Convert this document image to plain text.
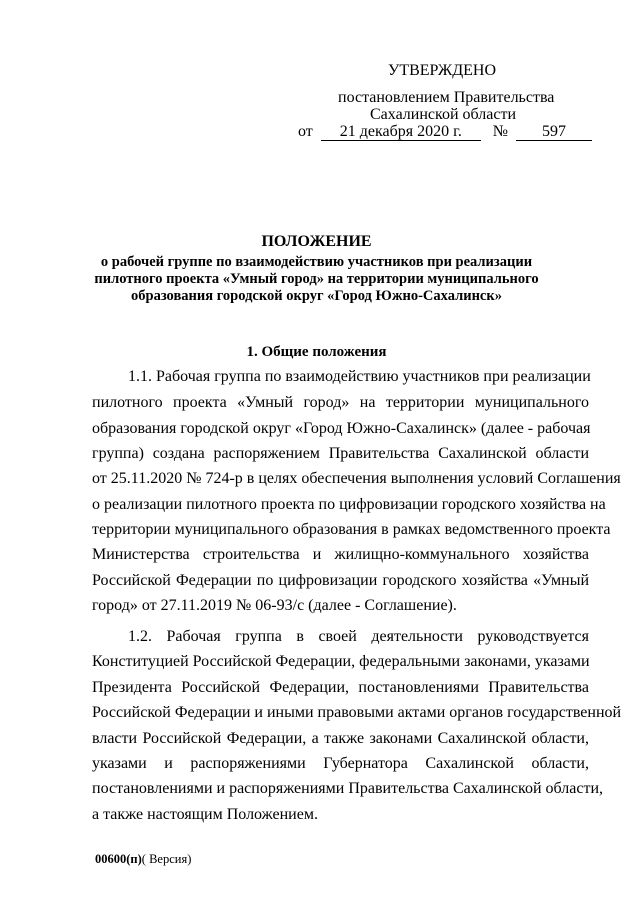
УТВЕРЖДЕНО
постановлением Правительства
Сахалинской области
от 21 декабря 2020 г. № 597
ПОЛОЖЕНИЕ
о рабочей группе по взаимодействию участников при реализации
пилотного проекта «Умный город» на территории муниципального
образования городской округ «Город Южно-Сахалинск»
1. Общие положения
1.1. Рабочая группа по взаимодействию участников при реализации
пилотного проекта «Умный город» на территории муниципального
образования городской округ «Город Южно-Сахалинск» (далее - рабочая
группа) создана распоряжением Правительства Сахалинской области
от 25.11.2020 № 724-р в целях обеспечения выполнения условий Соглашения
о реализации пилотного проекта по цифровизации городского хозяйства на
территории муниципального образования в рамках ведомственного проекта
Министерства строительства и жилищно-коммунального хозяйства
Российской Федерации по цифровизации городского хозяйства «Умный
город» от 27.11.2019 № 06-93/с (далее - Соглашение).
1.2. Рабочая группа в своей деятельности руководствуется
Конституцией Российской Федерации, федеральными законами, указами
Президента Российской Федерации, постановлениями Правительства
Российской Федерации и иными правовыми актами органов государственной
власти Российской Федерации, а также законами Сахалинской области,
указами и распоряжениями Губернатора Сахалинской области,
постановлениями и распоряжениями Правительства Сахалинской области,
а также настоящим Положением.
00600(п)( Версия)
